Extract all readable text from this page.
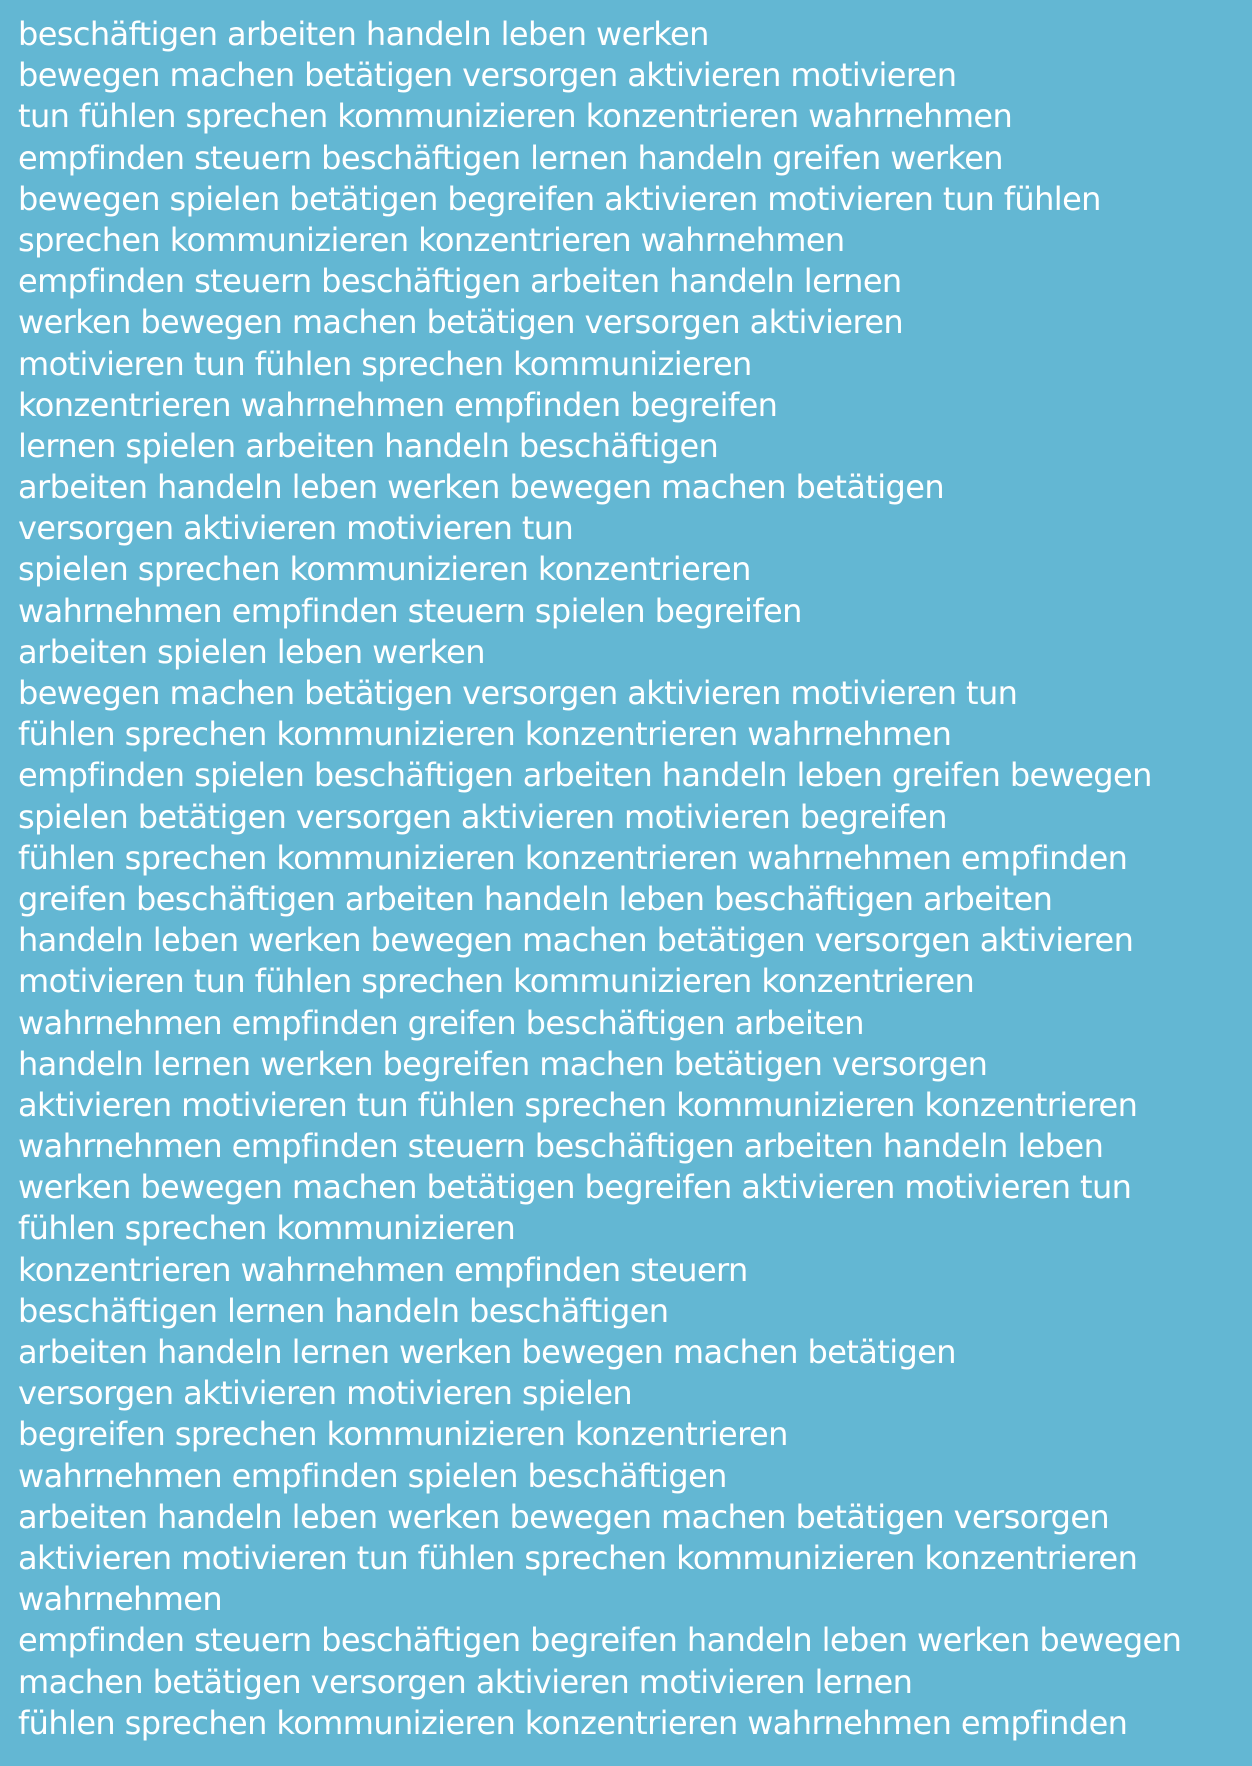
beschäftigen arbeiten handeln leben werken
bewegen machen betätigen versorgen aktivieren motivieren
tun fühlen sprechen kommunizieren konzentrieren wahrnehmen
empfinden steuern beschäftigen lernen handeln greifen werken
bewegen spielen betätigen begreifen aktivieren motivieren tun fühlen
sprechen kommunizieren konzentrieren wahrnehmen
empfinden steuern beschäftigen arbeiten handeln lernen
werken bewegen machen betätigen versorgen aktivieren
motivieren tun fühlen sprechen kommunizieren
konzentrieren wahrnehmen empfinden begreifen
lernen spielen arbeiten handeln beschäftigen
arbeiten handeln leben werken bewegen machen betätigen
versorgen aktivieren motivieren tun
spielen sprechen kommunizieren konzentrieren
wahrnehmen empfinden steuern spielen begreifen
arbeiten spielen leben werken
bewegen machen betätigen versorgen aktivieren motivieren tun
fühlen sprechen kommunizieren konzentrieren wahrnehmen
empfinden spielen beschäftigen arbeiten handeln leben greifen bewegen
spielen betätigen versorgen aktivieren motivieren begreifen
fühlen sprechen kommunizieren konzentrieren wahrnehmen empfinden
greifen beschäftigen arbeiten handeln leben beschäftigen arbeiten
handeln leben werken bewegen machen betätigen versorgen aktivieren
motivieren tun fühlen sprechen kommunizieren konzentrieren
wahrnehmen empfinden greifen beschäftigen arbeiten
handeln lernen werken begreifen machen betätigen versorgen
aktivieren motivieren tun fühlen sprechen kommunizieren konzentrieren
wahrnehmen empfinden steuern beschäftigen arbeiten handeln leben
werken bewegen machen betätigen begreifen aktivieren motivieren tun
fühlen sprechen kommunizieren
konzentrieren wahrnehmen empfinden steuern
beschäftigen lernen handeln beschäftigen
arbeiten handeln lernen werken bewegen machen betätigen
versorgen aktivieren motivieren spielen
begreifen sprechen kommunizieren konzentrieren
wahrnehmen empfinden spielen beschäftigen
arbeiten handeln leben werken bewegen machen betätigen versorgen
aktivieren motivieren tun fühlen sprechen kommunizieren konzentrieren
wahrnehmen
empfinden steuern beschäftigen begreifen handeln leben werken bewegen
machen betätigen versorgen aktivieren motivieren lernen
fühlen sprechen kommunizieren konzentrieren wahrnehmen empfinden
